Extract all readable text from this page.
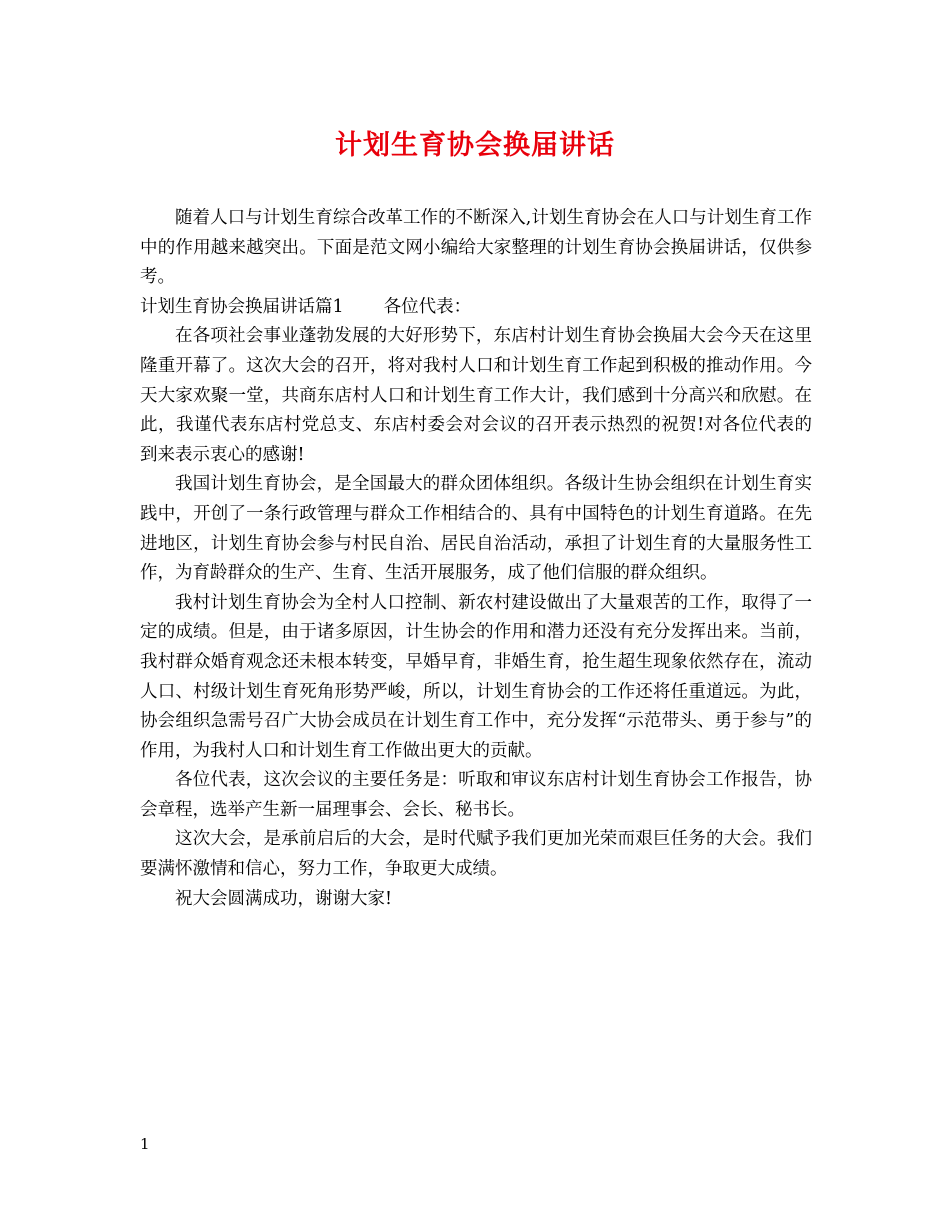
计划生育协会换届讲话

随着人口与计划生育综合改革工作的不断深入,计划生育协会在人口与计划生育工作中的作用越来越突出。下面是范文网小编给大家整理的计划生育协会换届讲话，仅供参考。

计划生育协会换届讲话篇1 各位代表：

在各项社会事业蓬勃发展的大好形势下，东店村计划生育协会换届大会今天在这里隆重开幕了。这次大会的召开，将对我村人口和计划生育工作起到积极的推动作用。今天大家欢聚一堂，共商东店村人口和计划生育工作大计，我们感到十分高兴和欣慰。在此，我谨代表东店村党总支、东店村委会对会议的召开表示热烈的祝贺!对各位代表的到来表示衷心的感谢!

我国计划生育协会，是全国最大的群众团体组织。各级计生协会组织在计划生育实践中，开创了一条行政管理与群众工作相结合的、具有中国特色的计划生育道路。在先进地区，计划生育协会参与村民自治、居民自治活动，承担了计划生育的大量服务性工作，为育龄群众的生产、生育、生活开展服务，成了他们信服的群众组织。

我村计划生育协会为全村人口控制、新农村建设做出了大量艰苦的工作，取得了一定的成绩。但是，由于诸多原因，计生协会的作用和潜力还没有充分发挥出来。当前，我村群众婚育观念还未根本转变，早婚早育，非婚生育，抢生超生现象依然存在，流动人口、村级计划生育死角形势严峻，所以，计划生育协会的工作还将任重道远。为此，协会组织急需号召广大协会成员在计划生育工作中，充分发挥“示范带头、勇于参与”的作用，为我村人口和计划生育工作做出更大的贡献。

各位代表，这次会议的主要任务是：听取和审议东店村计划生育协会工作报告，协会章程，选举产生新一届理事会、会长、秘书长。

这次大会，是承前启后的大会，是时代赋予我们更加光荣而艰巨任务的大会。我们要满怀激情和信心，努力工作，争取更大成绩。

祝大会圆满成功，谢谢大家!

1
